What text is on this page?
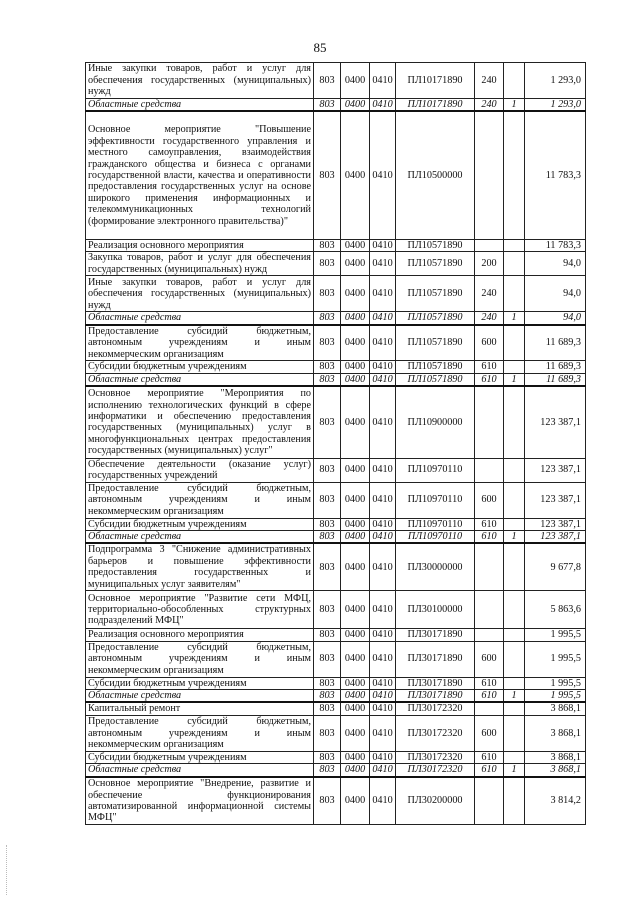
85
Иные закупки товаров, работ и услуг для обеспечения государственных (муниципальных) нужд	803	0400	0410	ПЛ10171890	240		1 293,0
Областные средства	803	0400	0410	ПЛ10171890	240	1	1 293,0
Основное мероприятие "Повышение эффективности государственного управления и местного самоуправления, взаимодействия гражданского общества и бизнеса с органами государственной власти, качества и оперативности предоставления государственных услуг на основе широкого применения информационных и телекоммуникационных технологий (формирование электронного правительства)"	803	0400	0410	ПЛ10500000			11 783,3
Реализация основного мероприятия	803	0400	0410	ПЛ10571890			11 783,3
Закупка товаров, работ и услуг для обеспечения государственных (муниципальных) нужд	803	0400	0410	ПЛ10571890	200		94,0
Иные закупки товаров, работ и услуг для обеспечения государственных (муниципальных) нужд	803	0400	0410	ПЛ10571890	240		94,0
Областные средства	803	0400	0410	ПЛ10571890	240	1	94,0
Предоставление субсидий бюджетным, автономным учреждениям и иным некоммерческим организациям	803	0400	0410	ПЛ10571890	600		11 689,3
Субсидии бюджетным учреждениям	803	0400	0410	ПЛ10571890	610		11 689,3
Областные средства	803	0400	0410	ПЛ10571890	610	1	11 689,3
Основное мероприятие "Мероприятия по исполнению технологических функций в сфере информатики и обеспечению предоставления государственных (муниципальных) услуг в многофункциональных центрах предоставления государственных (муниципальных) услуг"	803	0400	0410	ПЛ10900000			123 387,1
Обеспечение деятельности (оказание услуг) государственных учреждений	803	0400	0410	ПЛ10970110			123 387,1
Предоставление субсидий бюджетным, автономным учреждениям и иным некоммерческим организациям	803	0400	0410	ПЛ10970110	600		123 387,1
Субсидии бюджетным учреждениям	803	0400	0410	ПЛ10970110	610		123 387,1
Областные средства	803	0400	0410	ПЛ10970110	610	1	123 387,1
Подпрограмма 3 "Снижение административных барьеров и повышение эффективности предоставления государственных и муниципальных услуг заявителям"	803	0400	0410	ПЛ30000000			9 677,8
Основное мероприятие "Развитие сети МФЦ, территориально-обособленных структурных подразделений МФЦ"	803	0400	0410	ПЛ30100000			5 863,6
Реализация основного мероприятия	803	0400	0410	ПЛ30171890			1 995,5
Предоставление субсидий бюджетным, автономным учреждениям и иным некоммерческим организациям	803	0400	0410	ПЛ30171890	600		1 995,5
Субсидии бюджетным учреждениям	803	0400	0410	ПЛ30171890	610		1 995,5
Областные средства	803	0400	0410	ПЛ30171890	610	1	1 995,5
Капитальный ремонт	803	0400	0410	ПЛ30172320			3 868,1
Предоставление субсидий бюджетным, автономным учреждениям и иным некоммерческим организациям	803	0400	0410	ПЛ30172320	600		3 868,1
Субсидии бюджетным учреждениям	803	0400	0410	ПЛ30172320	610		3 868,1
Областные средства	803	0400	0410	ПЛ30172320	610	1	3 868,1
Основное мероприятие "Внедрение, развитие и обеспечение функционирования автоматизированной информационной системы МФЦ"	803	0400	0410	ПЛ30200000			3 814,2
